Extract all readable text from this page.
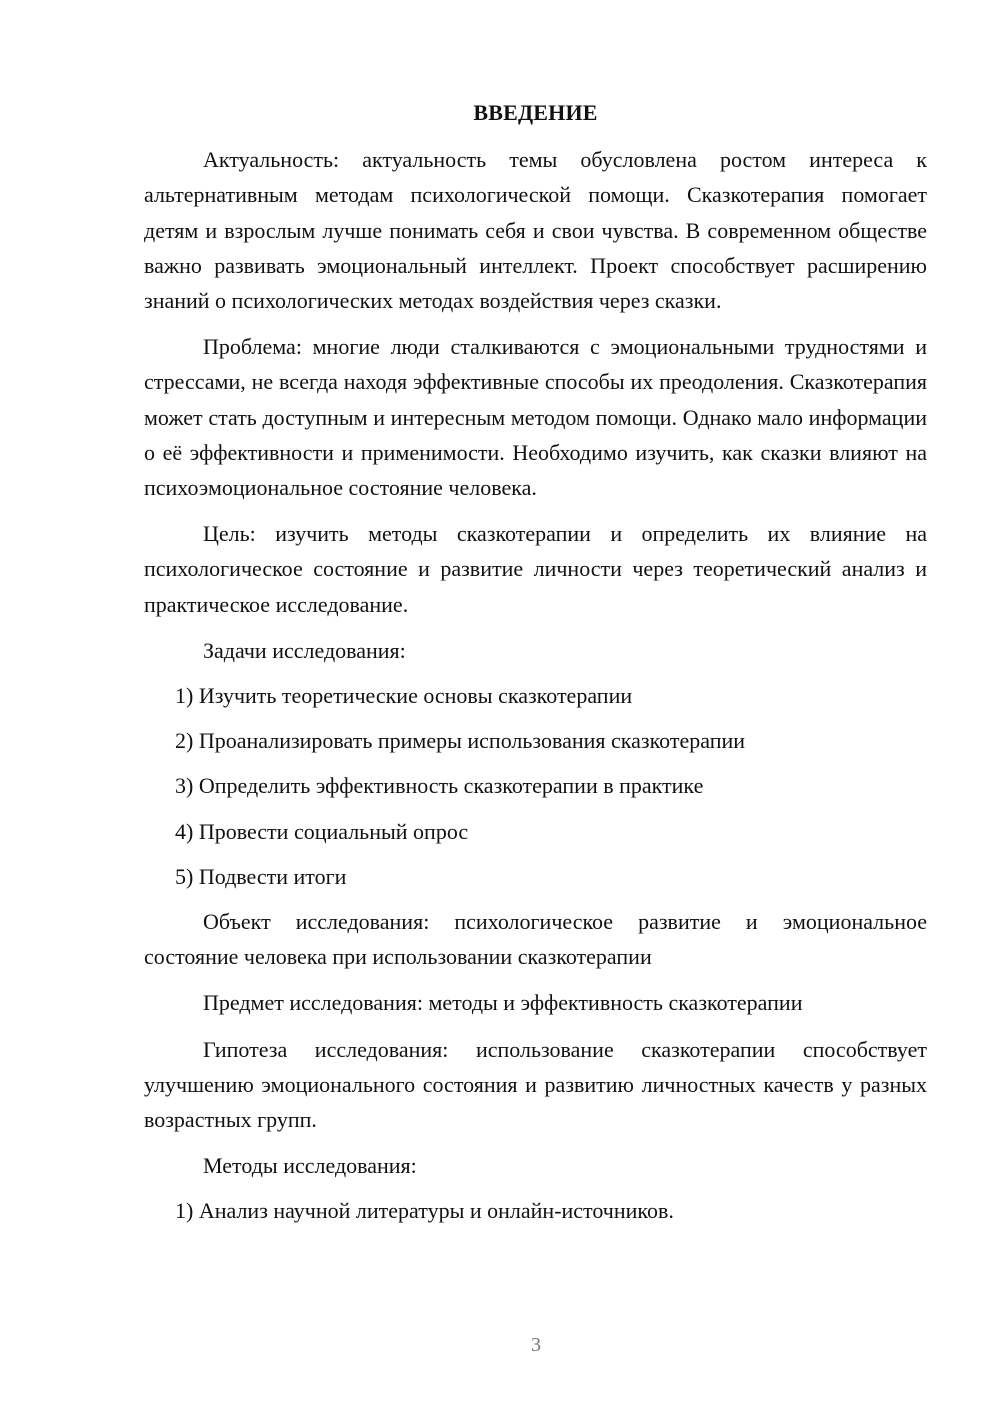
ВВЕДЕНИЕ

Актуальность: актуальность темы обусловлена ростом интереса к альтернативным методам психологической помощи. Сказкотерапия помогает детям и взрослым лучше понимать себя и свои чувства. В современном обществе важно развивать эмоциональный интеллект. Проект способствует расширению знаний о психологических методах воздействия через сказки.

Проблема: многие люди сталкиваются с эмоциональными трудностями и стрессами, не всегда находя эффективные способы их преодоления. Сказкотерапия может стать доступным и интересным методом помощи. Однако мало информации о её эффективности и применимости. Необходимо изучить, как сказки влияют на психоэмоциональное состояние человека.

Цель: изучить методы сказкотерапии и определить их влияние на психологическое состояние и развитие личности через теоретический анализ и практическое исследование.

Задачи исследования:
1) Изучить теоретические основы сказкотерапии
2) Проанализировать примеры использования сказкотерапии
3) Определить эффективность сказкотерапии в практике
4) Провести социальный опрос
5) Подвести итоги

Объект исследования: психологическое развитие и эмоциональное состояние человека при использовании сказкотерапии

Предмет исследования: методы и эффективность сказкотерапии

Гипотеза исследования: использование сказкотерапии способствует улучшению эмоционального состояния и развитию личностных качеств у разных возрастных групп.

Методы исследования:
1) Анализ научной литературы и онлайн-источников.
3
